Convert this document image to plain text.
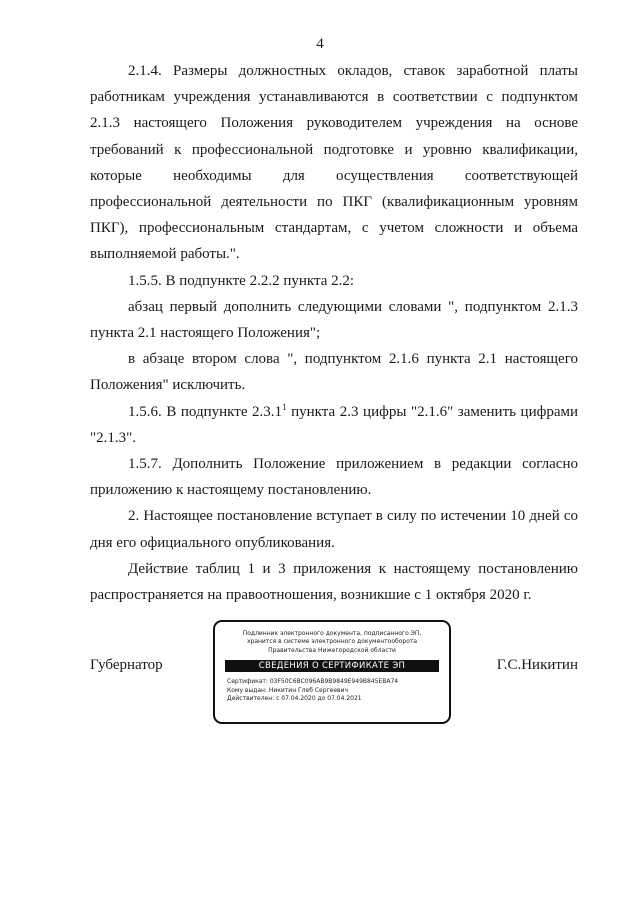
4

2.1.4. Размеры должностных окладов, ставок заработной платы работникам учреждения устанавливаются в соответствии с подпунктом 2.1.3 настоящего Положения руководителем учреждения на основе требований к профессиональной подготовке и уровню квалификации, которые необходимы для осуществления соответствующей профессиональной деятельности по ПКГ (квалификационным уровням ПКГ), профессиональным стандартам, с учетом сложности и объема выполняемой работы.".

1.5.5. В подпункте 2.2.2 пункта 2.2:

абзац первый дополнить следующими словами ", подпунктом 2.1.3 пункта 2.1 настоящего Положения";

в абзаце втором слова ", подпунктом 2.1.6 пункта 2.1 настоящего Положения" исключить.

1.5.6. В подпункте 2.3.1$^1$ пункта 2.3 цифры "2.1.6" заменить цифрами "2.1.3".

1.5.7. Дополнить Положение приложением в редакции согласно приложению к настоящему постановлению.

2. Настоящее постановление вступает в силу по истечении 10 дней со дня его официального опубликования.

Действие таблиц 1 и 3 приложения к настоящему постановлению распространяется на правоотношения, возникшие с 1 октября 2020 г.

Губернатор
Подлинник электронного документа, подписанного ЭП,
хранится в системе электронного документооборота
Правительства Нижегородской области
СВЕДЕНИЯ О СЕРТИФИКАТЕ ЭП
Сертификат: 03F50C6BC096AB9B9849E949B845EBA74
Кому выдан: Никитин Глеб Сергеевич
Действителен: с 07.04.2020 до 07.04.2021
Г.С.Никитин
